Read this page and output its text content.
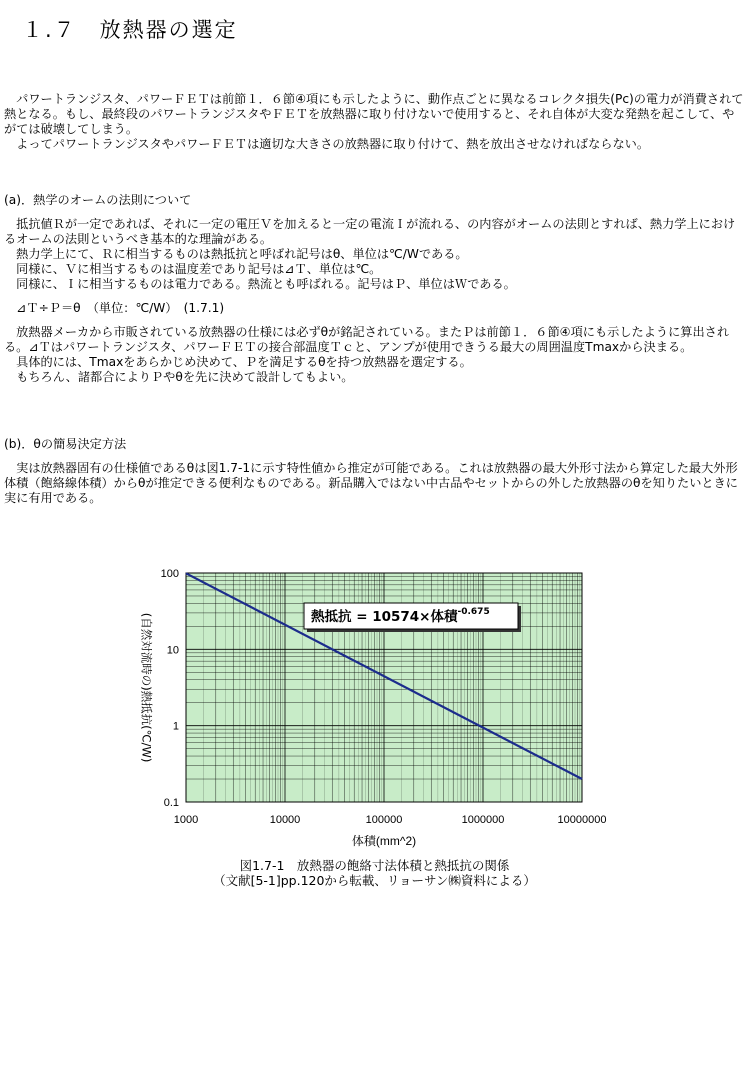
１.７　放熱器の選定

　パワートランジスタ、パワーＦＥＴは前節１．６節④項にも示したように、動作点ごとに異なるコレクタ損失(Pc)の電力が消費されて熱となる。もし、最終段のパワートランジスタやＦＥＴを放熱器に取り付けないで使用すると、それ自体が大変な発熱を起こして、やがては破壊してしまう。

　よってパワートランジスタやパワーＦＥＴは適切な大きさの放熱器に取り付けて、熱を放出させなければならない。

(a)．熱学のオームの法則について

　抵抗値Ｒが一定であれば、それに一定の電圧Ｖを加えると一定の電流Ｉが流れる、の内容がオームの法則とすれば、熱力学上におけるオームの法則というべき基本的な理論がある。

　熱力学上にて、Ｒに相当するものは熱抵抗と呼ばれ記号はθ、単位は℃/Wである。

　同様に、Ｖに相当するものは温度差であり記号は⊿Ｔ、単位は℃。

　同様に、Ｉに相当するものは電力である。熱流とも呼ばれる。記号はＰ、単位はＷである。

　⊿Ｔ÷Ｐ＝θ　（単位：℃/W）　(1.7.1)

　放熱器メーカから市販されている放熱器の仕様には必ずθが銘記されている。またＰは前節１．６節④項にも示したように算出される。⊿Ｔはパワートランジスタ、パワーＦＥＴの接合部温度Ｔｃと、アンプが使用できうる最大の周囲温度Tmaxから決まる。

　具体的には、Tmaxをあらかじめ決めて、Ｐを満足するθを持つ放熱器を選定する。

　もちろん、諸都合によりＰやθを先に決めて設計してもよい。

(b)．θの簡易決定方法

　実は放熱器固有の仕様値であるθは図1.7-1に示す特性値から推定が可能である。これは放熱器の最大外形寸法から算定した最大外形体積（飽絡線体積）からθが推定できる便利なものである。新品購入ではない中古品やセットからの外した放熱器のθを知りたいときに実に有用である。

1000	10000	100000	1000000	10000000
100
10
1
0.1
体積(mm^2)
(自然対流時の)熱抵抗(℃/W)	熱抵抗 = 10574×体積$^{-0.675}$
図1.7-1　放熱器の飽絡寸法体積と熱抵抗の関係
（文献[5-1]pp.120から転載、リョーサン㈱資料による）
